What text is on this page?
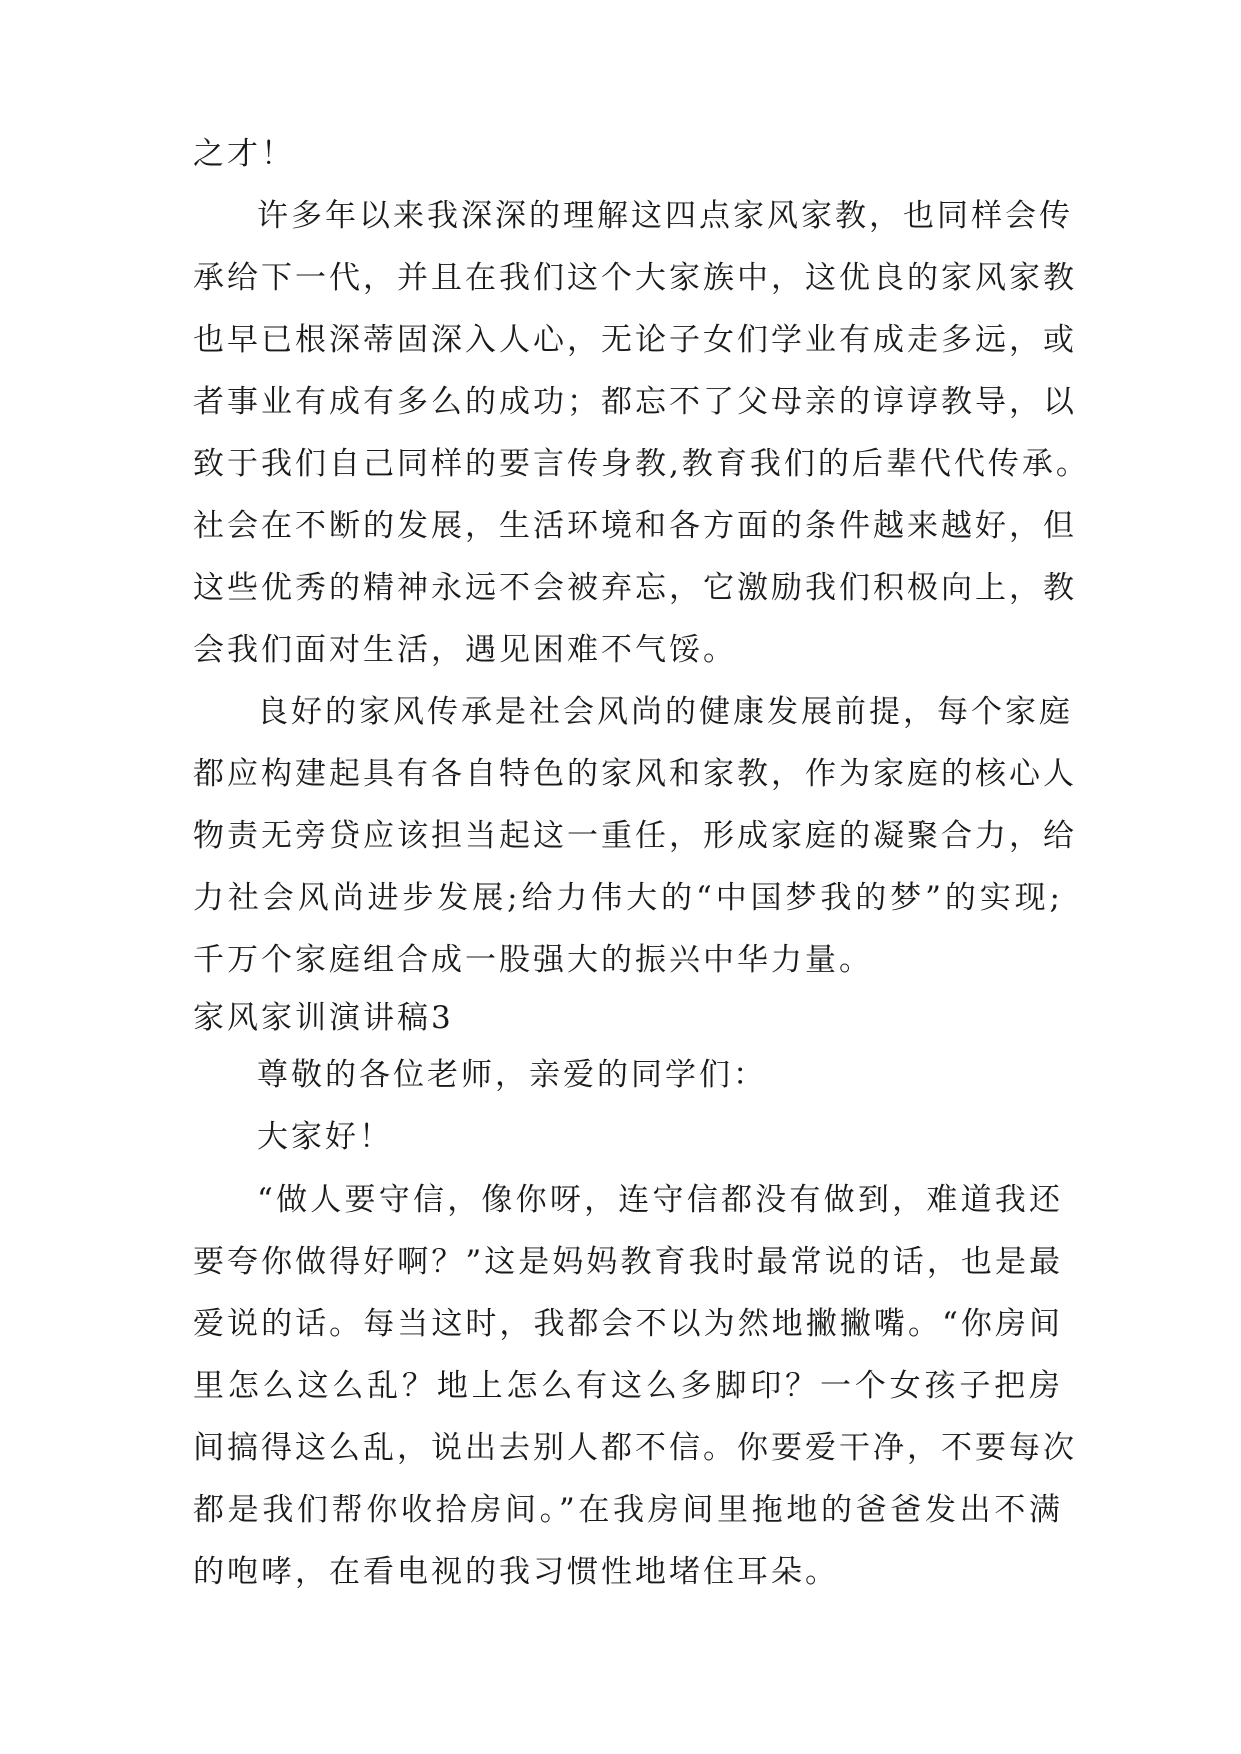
之才！
许多年以来我深深的理解这四点家风家教，也同样会传
承给下一代，并且在我们这个大家族中，这优良的家风家教
也早已根深蒂固深入人心，无论子女们学业有成走多远，或
者事业有成有多么的成功；都忘不了父母亲的谆谆教导，以
致于我们自己同样的要言传身教,教育我们的后辈代代传承。
社会在不断的发展，生活环境和各方面的条件越来越好，但
这些优秀的精神永远不会被弃忘，它激励我们积极向上，教
会我们面对生活，遇见困难不气馁。
良好的家风传承是社会风尚的健康发展前提，每个家庭
都应构建起具有各自特色的家风和家教，作为家庭的核心人
物责无旁贷应该担当起这一重任，形成家庭的凝聚合力，给
力社会风尚进步发展;给力伟大的“中国梦我的梦”的实现;
千万个家庭组合成一股强大的振兴中华力量。
家风家训演讲稿3
尊敬的各位老师，亲爱的同学们：
大家好！
“做人要守信，像你呀，连守信都没有做到，难道我还
要夸你做得好啊？”这是妈妈教育我时最常说的话，也是最
爱说的话。每当这时，我都会不以为然地撇撇嘴。“你房间
里怎么这么乱？地上怎么有这么多脚印？一个女孩子把房
间搞得这么乱，说出去别人都不信。你要爱干净，不要每次
都是我们帮你收拾房间。”在我房间里拖地的爸爸发出不满
的咆哮，在看电视的我习惯性地堵住耳朵。
